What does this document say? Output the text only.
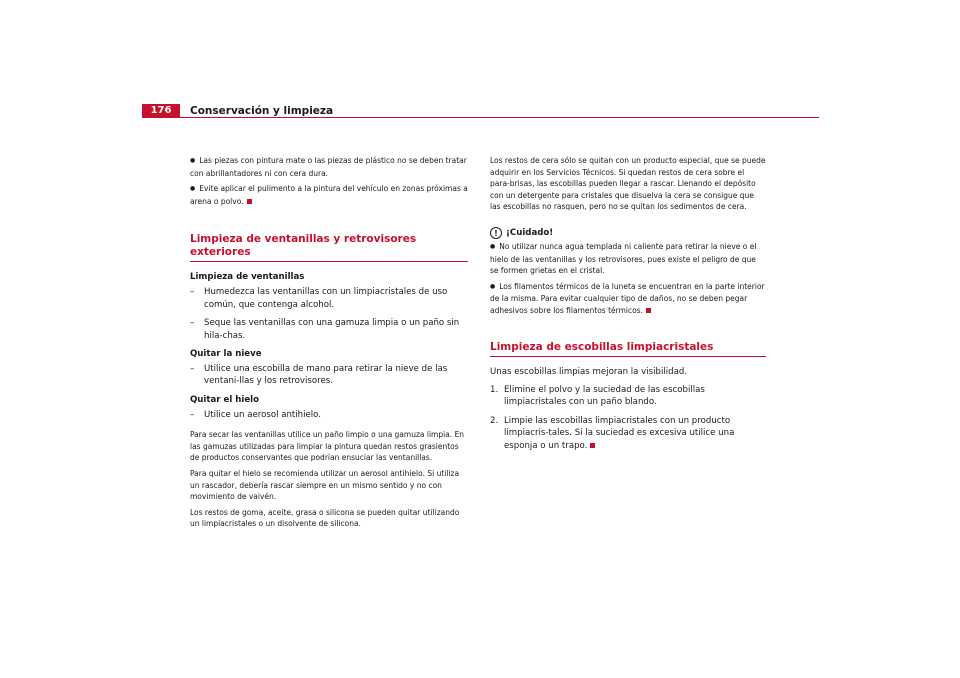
176	Conservación y limpieza

● Las piezas con pintura mate o las piezas de plástico no se deben tratar con abrillantadores ni con cera dura.

● Evite aplicar el pulimento a la pintura del vehículo en zonas próximas a arena o polvo.

Limpieza de ventanillas y retrovisores exteriores

Limpieza de ventanillas

– Humedezca las ventanillas con un limpiacristales de uso común, que contenga alcohol.

– Seque las ventanillas con una gamuza limpia o un paño sin hila-chas.

Quitar la nieve

– Utilice una escobilla de mano para retirar la nieve de las ventani-llas y los retrovisores.

Quitar el hielo

– Utilice un aerosol antihielo.

Para secar las ventanillas utilice un paño limpio o una gamuza limpia. En las gamuzas utilizadas para limpiar la pintura quedan restos grasientos de productos conservantes que podrían ensuciar las ventanillas.

Para quitar el hielo se recomienda utilizar un aerosol antihielo. Si utiliza un rascador, debería rascar siempre en un mismo sentido y no con movimiento de vaivén.

Los restos de goma, aceite, grasa o silicona se pueden quitar utilizando un limpiacristales o un disolvente de silicona.

Los restos de cera sólo se quitan con un producto especial, que se puede adquirir en los Servicios Técnicos. Si quedan restos de cera sobre el para-brisas, las escobillas pueden llegar a rascar. Llenando el depósito con un detergente para cristales que disuelva la cera se consigue que las escobillas no rasquen, pero no se quitan los sedimentos de cera.

! ¡Cuidado!

● No utilizar nunca agua templada ni caliente para retirar la nieve o el hielo de las ventanillas y los retrovisores, pues existe el peligro de que se formen grietas en el cristal.

● Los filamentos térmicos de la luneta se encuentran en la parte interior de la misma. Para evitar cualquier tipo de daños, no se deben pegar adhesivos sobre los filamentos térmicos.

Limpieza de escobillas limpiacristales

Unas escobillas limpias mejoran la visibilidad.

1. Elimine el polvo y la suciedad de las escobillas limpiacristales con un paño blando.

2. Limpie las escobillas limpiacristales con un producto limpiacris-tales. Si la suciedad es excesiva utilice una esponja o un trapo.
